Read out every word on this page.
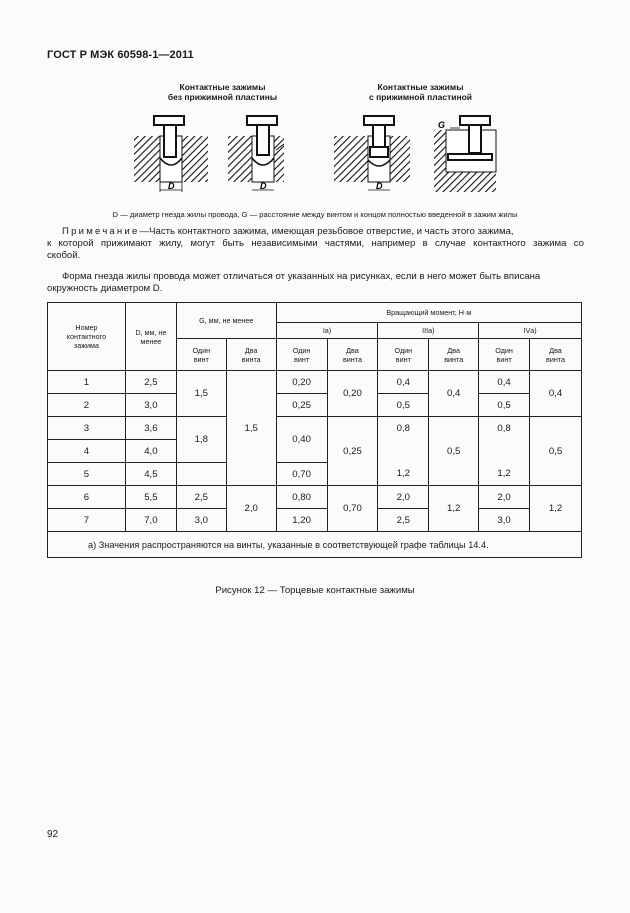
ГОСТ Р МЭК 60598-1—2011
Контактные зажимы
без прижимной пластины
Контактные зажимы
с прижимной пластиной
D	D	D
G
D — диаметр гнезда жилы провода, G — расстояние между винтом и концом полностью введенной в зажим жилы
Примечание—Часть контактного зажима, имеющая резьбовое отверстие, и часть этого зажима,

к которой прижимают жилу, могут быть независимыми частями, например в случае контактного зажима со
скобой.
Форма гнезда жилы провода может отличаться от указанных на рисунках, если в него может быть вписана
окружность диаметром D.
Номер контактного зажима	D, мм, не менее	G, мм, не менее		Вращающий момент, Н·м					
				Iа)		IIIа)		IVа)	

		Один винт	Два винта	Один винт	Два винта	Один винт	Два винта	Один винт	Два винта

1	2,5	1,5	1,5	0,20	0,20	0,4	0,4	0,4	0,4
2	3,0			0,25		0,5		0,5	
3	3,6	1,8		0,40	0,25	0,8	0,5	0,8	0,5
4	4,0								
5	4,5			0,70		1,2		1,2	
6	5,5	2,5	2,0	0,80	0,70	2,0	1,2	2,0	1,2
7	7,0	3,0		1,20		2,5		3,0	
а) Значения распространяются на винты, указанные в соответствующей графе таблицы 14.4.									
Рисунок 12 — Торцевые контактные зажимы
92
